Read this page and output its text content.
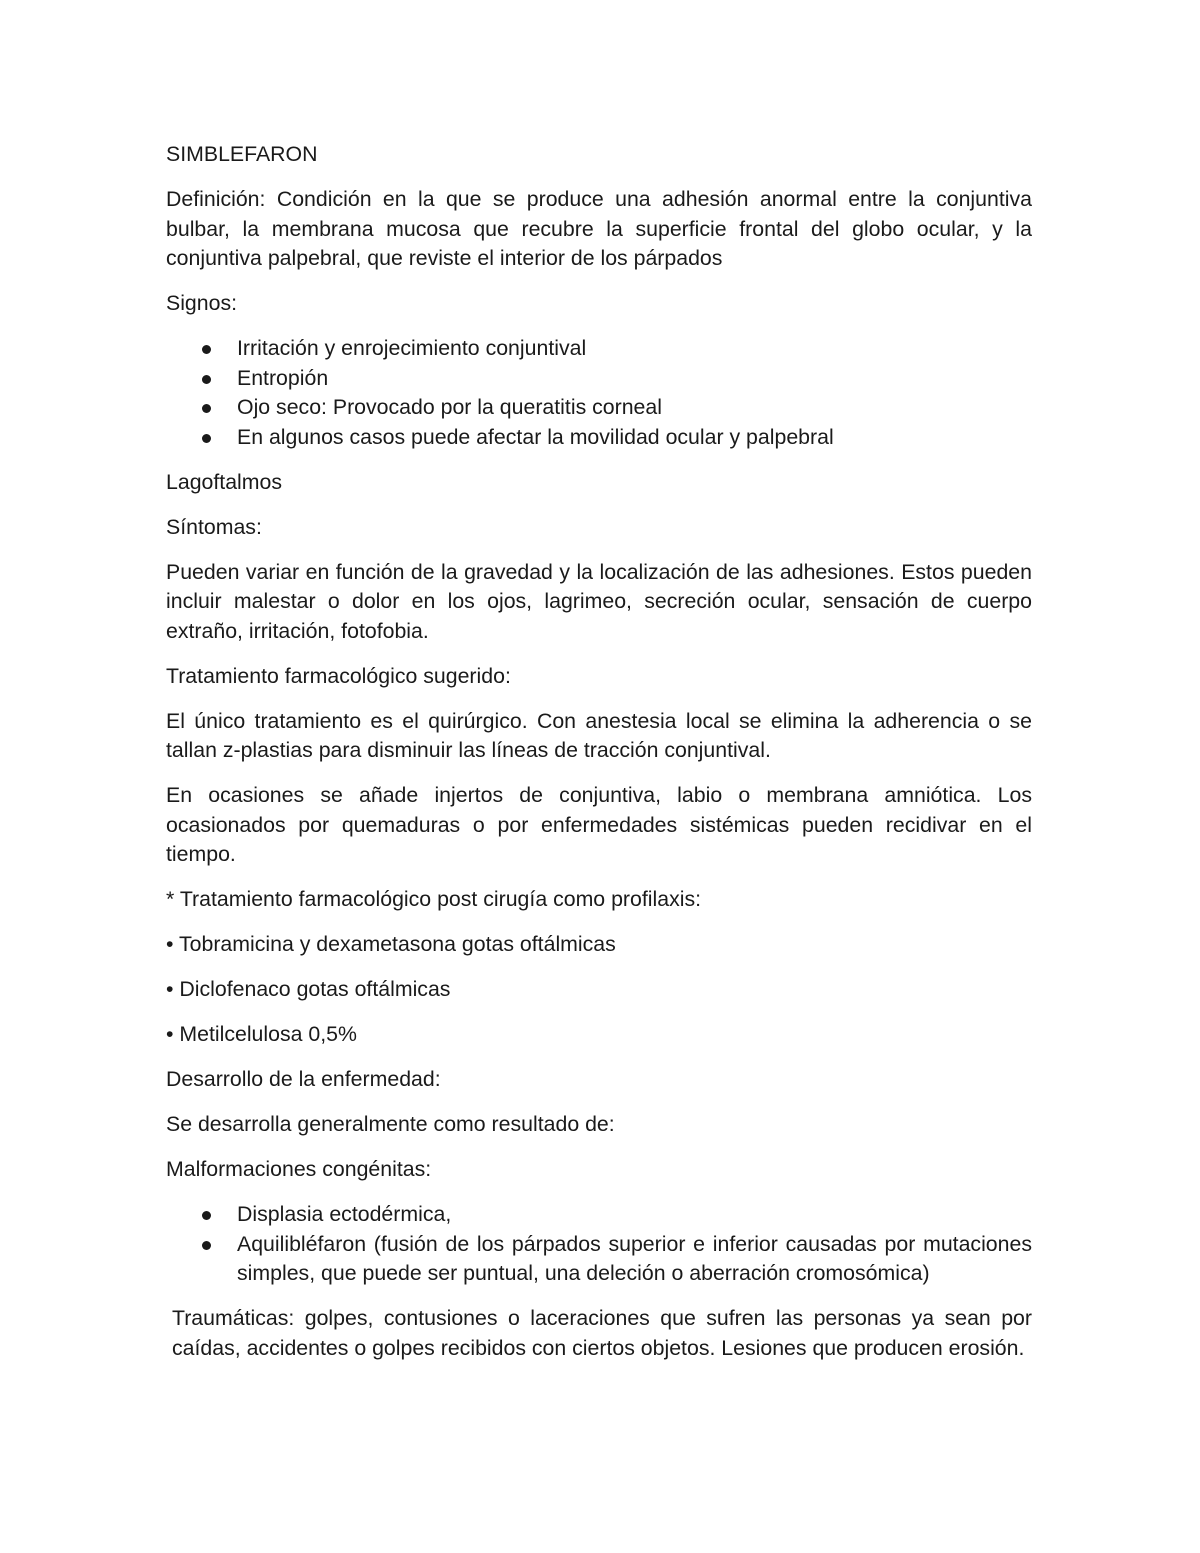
SIMBLEFARON

Definición: Condición en la que se produce una adhesión anormal entre la conjuntiva bulbar, la membrana mucosa que recubre la superficie frontal del globo ocular, y la conjuntiva palpebral, que reviste el interior de los párpados

Signos:

Irritación y enrojecimiento conjuntival
Entropión
Ojo seco: Provocado por la queratitis corneal
En algunos casos puede afectar la movilidad ocular y palpebral

Lagoftalmos

Síntomas:

Pueden variar en función de la gravedad y la localización de las adhesiones. Estos pueden incluir malestar o dolor en los ojos, lagrimeo, secreción ocular, sensación de cuerpo extraño, irritación, fotofobia.

Tratamiento farmacológico sugerido:

El único tratamiento es el quirúrgico. Con anestesia local se elimina la adherencia o se tallan z-plastias para disminuir las líneas de tracción conjuntival.

En ocasiones se añade injertos de conjuntiva, labio o membrana amniótica. Los ocasionados por quemaduras o por enfermedades sistémicas pueden recidivar en el tiempo.

* Tratamiento farmacológico post cirugía como profilaxis:

• Tobramicina y dexametasona gotas oftálmicas

• Diclofenaco gotas oftálmicas

• Metilcelulosa 0,5%

Desarrollo de la enfermedad:

Se desarrolla generalmente como resultado de:

Malformaciones congénitas:

Displasia ectodérmica,
Aquilibléfaron (fusión de los párpados superior e inferior causadas por mutaciones simples, que puede ser puntual, una deleción o aberración cromosómica)

Traumáticas: golpes, contusiones o laceraciones que sufren las personas ya sean por caídas, accidentes o golpes recibidos con ciertos objetos. Lesiones que producen erosión.
